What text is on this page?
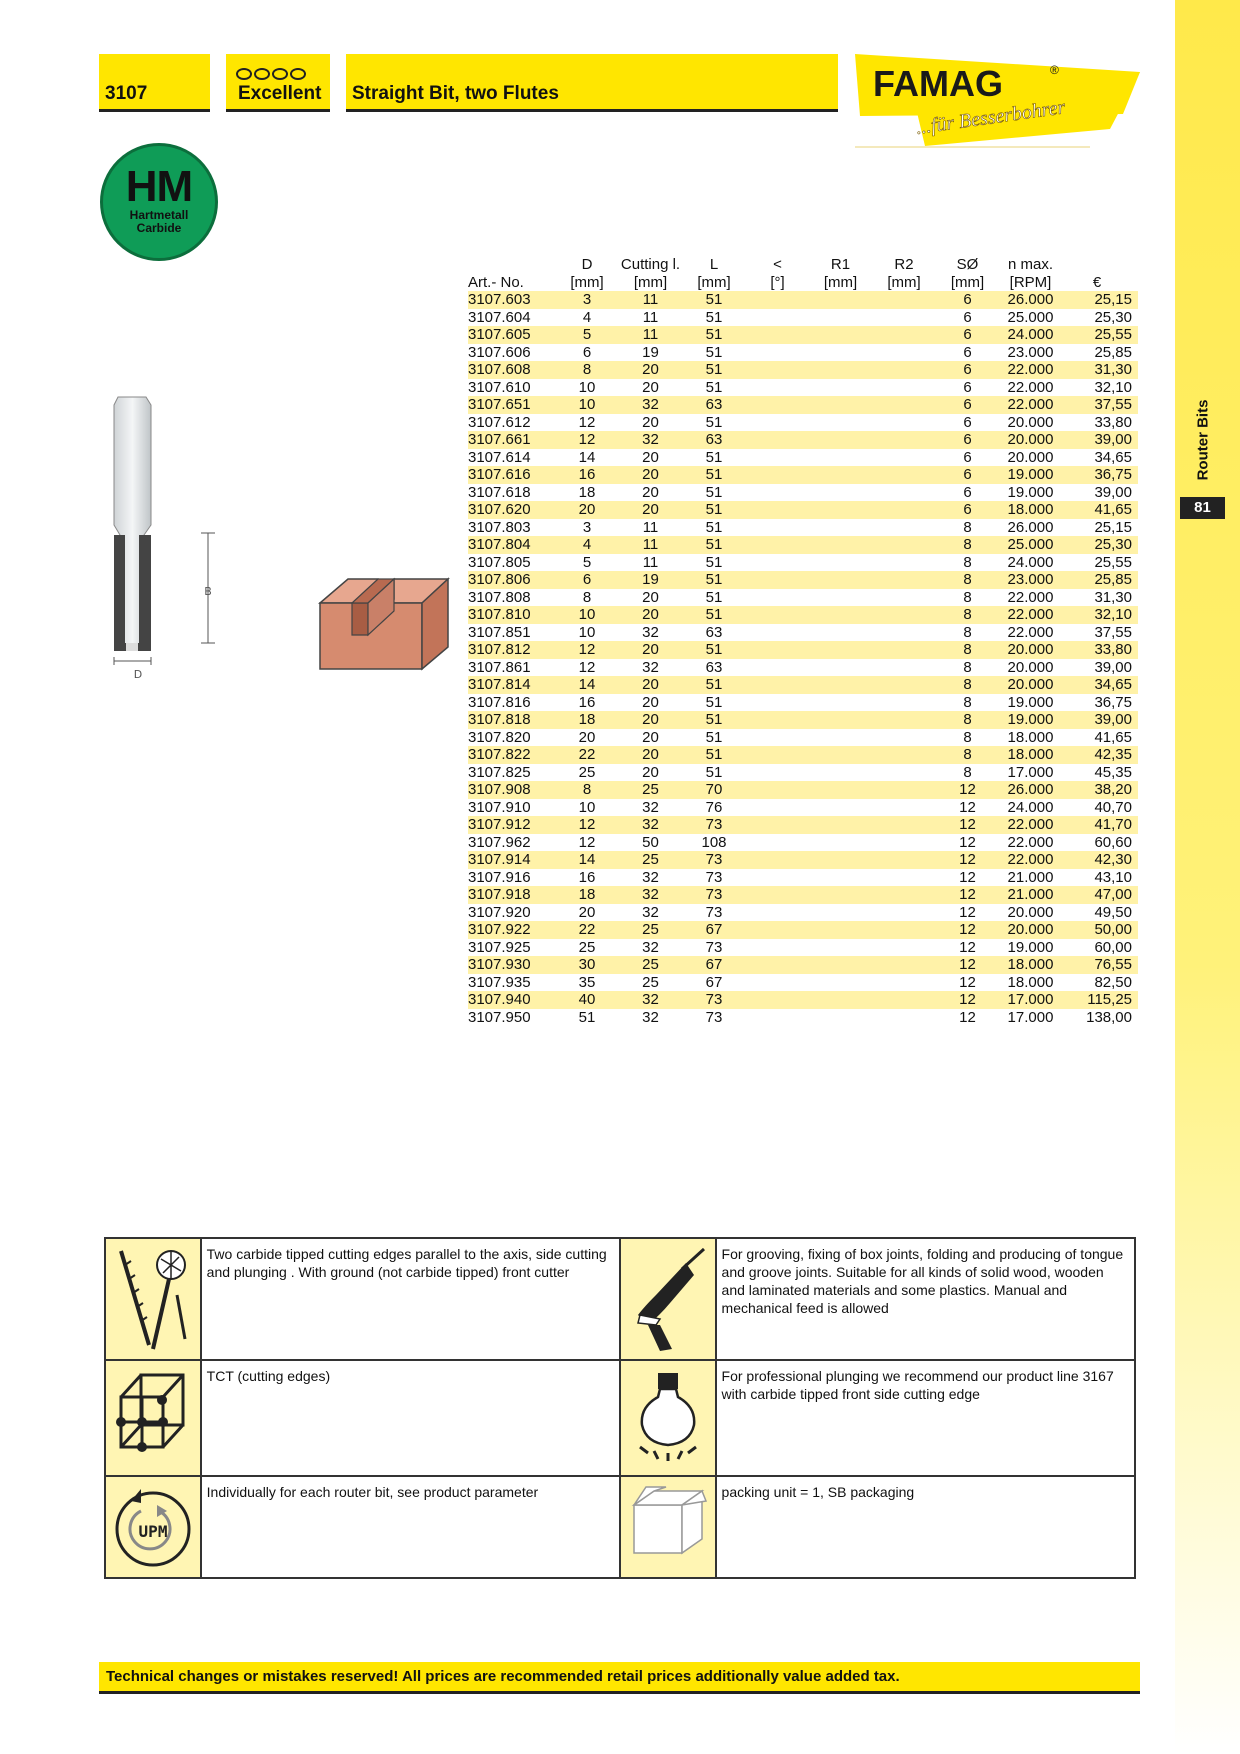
Router Bits
81
3107	Excellent Straight Bit, two Flutes	FAMAG	®
...für Besserbohrer
HM
Hartmetall
Carbide
B
D
	D	Cutting l.	L	<	R1	R2	SØ	n max.	
Art.- No.	[mm]	[mm]	[mm]	[°]	[mm]	[mm]	[mm]	[RPM]	€
3107.603	3	11	51				6	26.000	25,15
3107.604	4	11	51				6	25.000	25,30
3107.605	5	11	51				6	24.000	25,55
3107.606	6	19	51				6	23.000	25,85
3107.608	8	20	51				6	22.000	31,30
3107.610	10	20	51				6	22.000	32,10
3107.651	10	32	63				6	22.000	37,55
3107.612	12	20	51				6	20.000	33,80
3107.661	12	32	63				6	20.000	39,00
3107.614	14	20	51				6	20.000	34,65
3107.616	16	20	51				6	19.000	36,75
3107.618	18	20	51				6	19.000	39,00
3107.620	20	20	51				6	18.000	41,65
3107.803	3	11	51				8	26.000	25,15
3107.804	4	11	51				8	25.000	25,30
3107.805	5	11	51				8	24.000	25,55
3107.806	6	19	51				8	23.000	25,85
3107.808	8	20	51				8	22.000	31,30
3107.810	10	20	51				8	22.000	32,10
3107.851	10	32	63				8	22.000	37,55
3107.812	12	20	51				8	20.000	33,80
3107.861	12	32	63				8	20.000	39,00
3107.814	14	20	51				8	20.000	34,65
3107.816	16	20	51				8	19.000	36,75
3107.818	18	20	51				8	19.000	39,00
3107.820	20	20	51				8	18.000	41,65
3107.822	22	20	51				8	18.000	42,35
3107.825	25	20	51				8	17.000	45,35
3107.908	8	25	70				12	26.000	38,20
3107.910	10	32	76				12	24.000	40,70
3107.912	12	32	73				12	22.000	41,70
3107.962	12	50	108				12	22.000	60,60
3107.914	14	25	73				12	22.000	42,30
3107.916	16	32	73				12	21.000	43,10
3107.918	18	32	73				12	21.000	47,00
3107.920	20	32	73				12	20.000	49,50
3107.922	22	25	67				12	20.000	50,00
3107.925	25	32	73				12	19.000	60,00
3107.930	30	25	67				12	18.000	76,55
3107.935	35	25	67				12	18.000	82,50
3107.940	40	32	73				12	17.000	115,25
3107.950	51	32	73				12	17.000	138,00
	Two carbide tipped cutting edges parallel to the axis, side cutting and plunging . With ground (not carbide tipped) front cutter		For grooving, fixing of box joints, folding and producing of tongue and groove joints. Suitable for all kinds of solid wood, wooden and laminated materials and some plastics. Manual and mechanical feed is allowed

	TCT (cutting edges)		For professional plunging we recommend our product line 3167 with carbide tipped front side cutting edge

UPM	Individually for each router bit, see product parameter		packing unit = 1, SB packaging
Technical changes or mistakes reserved! All prices are recommended retail prices additionally value added tax.
